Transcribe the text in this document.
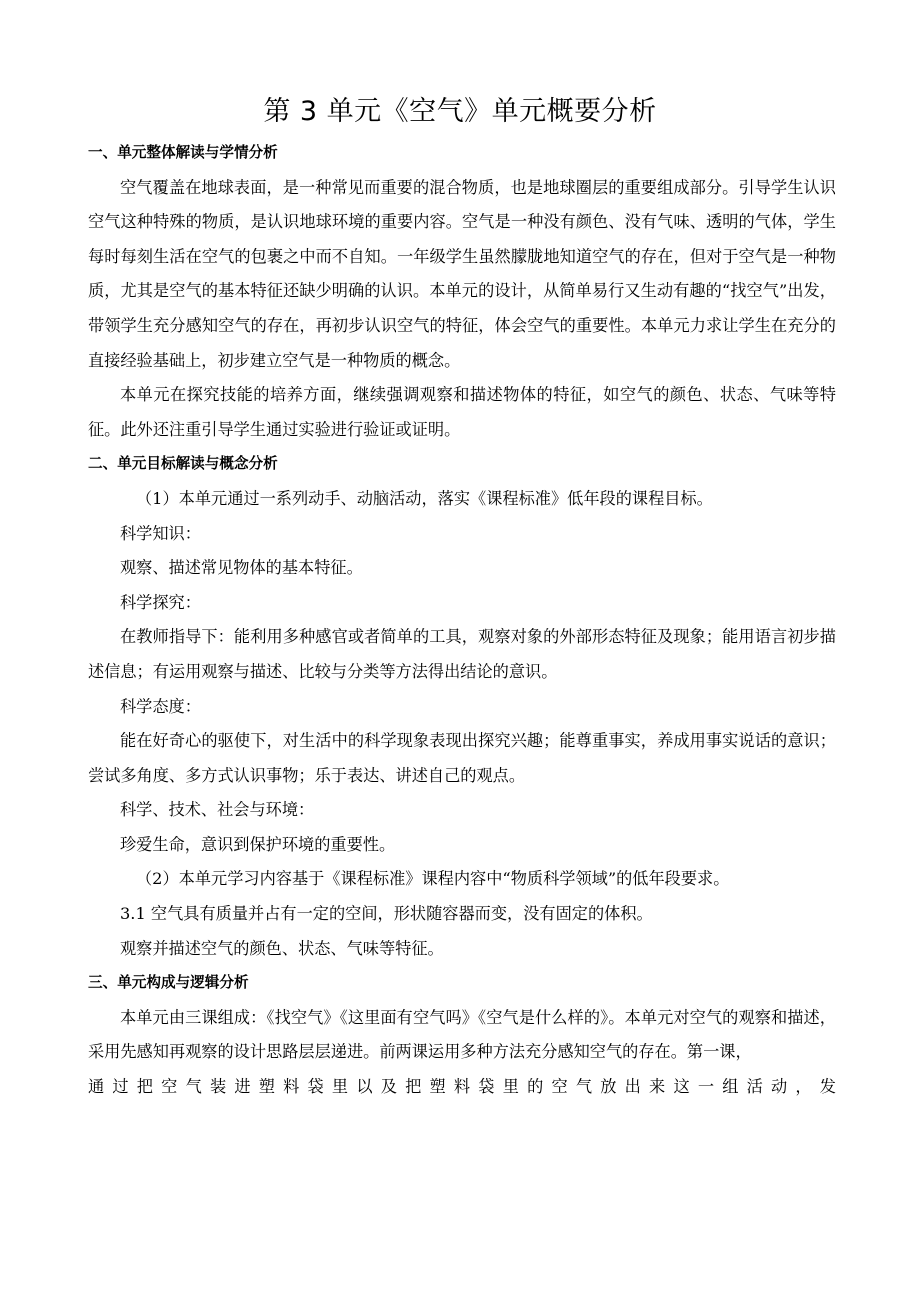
第 3 单元《空气》单元概要分析

一、单元整体解读与学情分析

空气覆盖在地球表面，是一种常见而重要的混合物质，也是地球圈层的重要组成部分。引导学生认识空气这种特殊的物质，是认识地球环境的重要内容。空气是一种没有颜色、没有气味、透明的气体，学生每时每刻生活在空气的包裹之中而不自知。一年级学生虽然朦胧地知道空气的存在，但对于空气是一种物质，尤其是空气的基本特征还缺少明确的认识。本单元的设计，从简单易行又生动有趣的“找空气”出发，带领学生充分感知空气的存在，再初步认识空气的特征，体会空气的重要性。本单元力求让学生在充分的直接经验基础上，初步建立空气是一种物质的概念。

本单元在探究技能的培养方面，继续强调观察和描述物体的特征，如空气的颜色、状态、气味等特征。此外还注重引导学生通过实验进行验证或证明。

二、单元目标解读与概念分析

（1）本单元通过一系列动手、动脑活动，落实《课程标准》低年段的课程目标。

科学知识：

观察、描述常见物体的基本特征。

科学探究：

在教师指导下：能利用多种感官或者简单的工具，观察对象的外部形态特征及现象；能用语言初步描述信息；有运用观察与描述、比较与分类等方法得出结论的意识。

科学态度：

能在好奇心的驱使下，对生活中的科学现象表现出探究兴趣；能尊重事实，养成用事实说话的意识；尝试多角度、多方式认识事物；乐于表达、讲述自己的观点。

科学、技术、社会与环境：

珍爱生命，意识到保护环境的重要性。

（2）本单元学习内容基于《课程标准》课程内容中“物质科学领域”的低年段要求。

3.1 空气具有质量并占有一定的空间，形状随容器而变，没有固定的体积。

观察并描述空气的颜色、状态、气味等特征。

三、单元构成与逻辑分析

本单元由三课组成：《找空气》《这里面有空气吗》《空气是什么样的》。本单元对空气的观察和描述，采用先感知再观察的设计思路层层递进。前两课运用多种方法充分感知空气的存在。第一课，

通过把空气装进塑料袋里以及把塑料袋里的空气放出来这一组活动，发
